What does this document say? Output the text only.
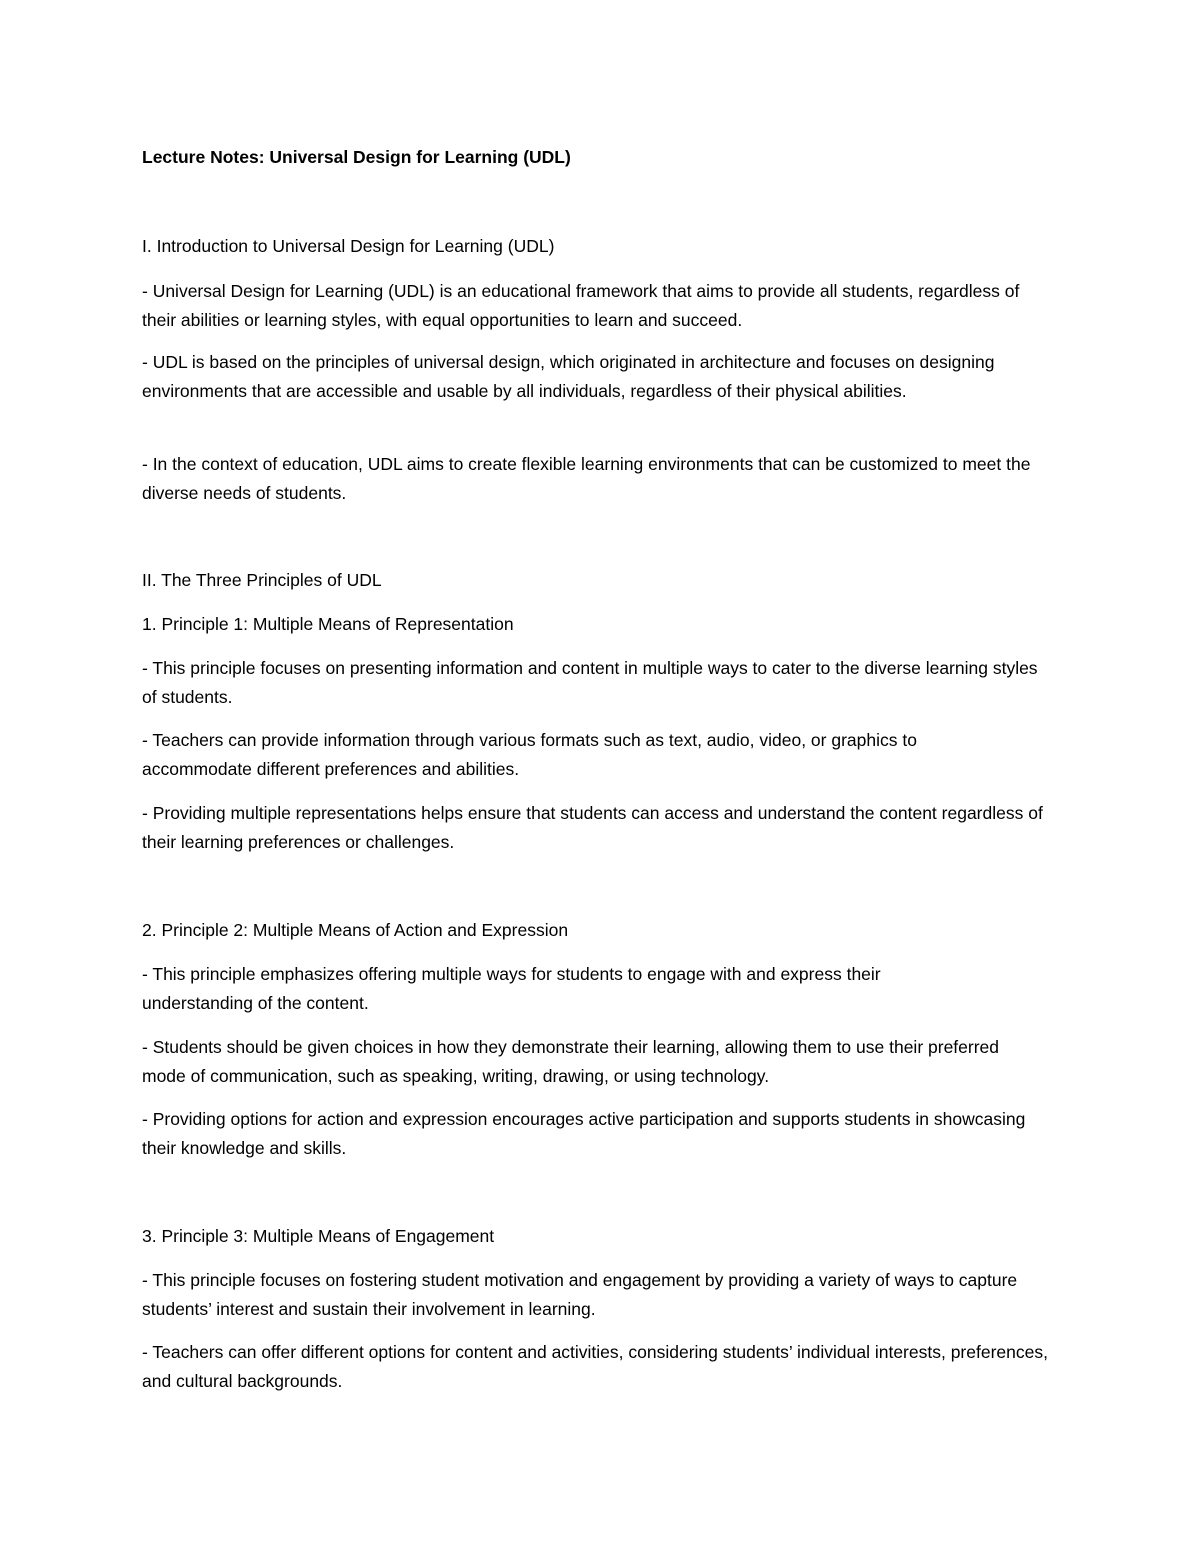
Lecture Notes: Universal Design for Learning (UDL)

I. Introduction to Universal Design for Learning (UDL)

- Universal Design for Learning (UDL) is an educational framework that aims to provide all students, regardless of their abilities or learning styles, with equal opportunities to learn and succeed.

- UDL is based on the principles of universal design, which originated in architecture and focuses on designing environments that are accessible and usable by all individuals, regardless of their physical abilities.

- In the context of education, UDL aims to create flexible learning environments that can be customized to meet the diverse needs of students.

II. The Three Principles of UDL

1. Principle 1: Multiple Means of Representation

- This principle focuses on presenting information and content in multiple ways to cater to the diverse learning styles of students.

- Teachers can provide information through various formats such as text, audio, video, or graphics to accommodate different preferences and abilities.

- Providing multiple representations helps ensure that students can access and understand the content regardless of their learning preferences or challenges.

2. Principle 2: Multiple Means of Action and Expression

- This principle emphasizes offering multiple ways for students to engage with and express their understanding of the content.

- Students should be given choices in how they demonstrate their learning, allowing them to use their preferred mode of communication, such as speaking, writing, drawing, or using technology.

- Providing options for action and expression encourages active participation and supports students in showcasing their knowledge and skills.

3. Principle 3: Multiple Means of Engagement

- This principle focuses on fostering student motivation and engagement by providing a variety of ways to capture students’ interest and sustain their involvement in learning.

- Teachers can offer different options for content and activities, considering students’ individual interests, preferences, and cultural backgrounds.
